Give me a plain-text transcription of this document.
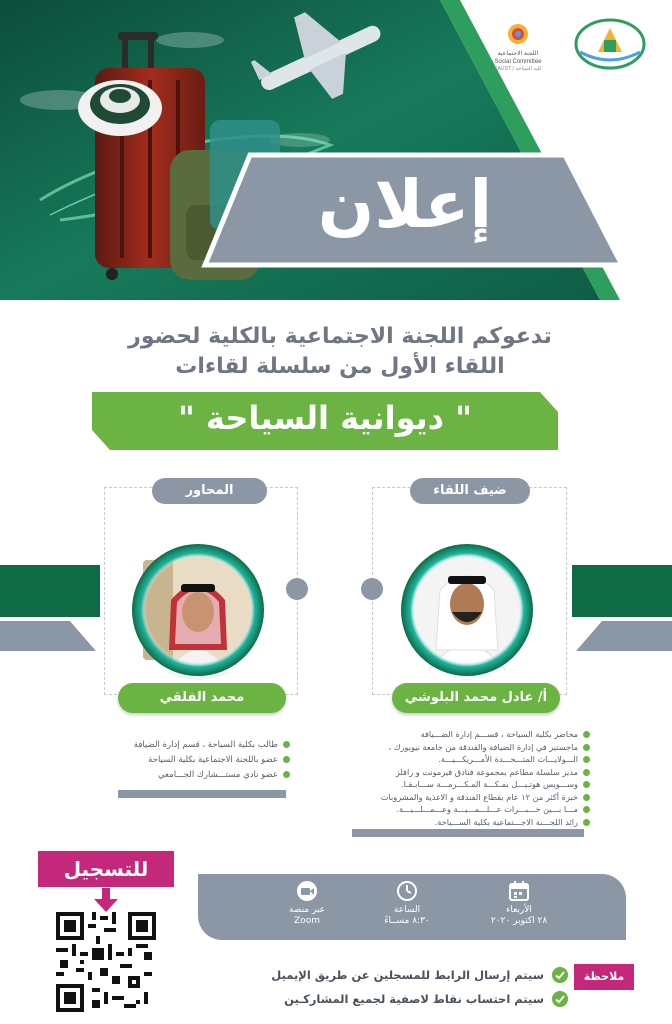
اللجنة الاجتماعية
Social Committee
كلية السياحة / KAUST
إعلان
تدعوكم اللجنة الاجتماعية بالكلية لحضور
اللقاء الأول من سلسلة لقاءات
" ديوانية السياحة "
المحاور	ضيف اللقاء
محمد الفلقي	أ/ عادل محمد البلوشي
طالب بكلية السياحة ، قسم إدارة الضيافة
عضو باللجنة الاجتماعية بكلية السياحة
عضو نادي مستـــشارك الجـــامعي
محاضر بكلية السياحة ، قســـم إدارة الضـــيافة
ماجستير في إدارة الضيافة والفندقة من جامعة نيويورك ،
الـــولايـــات المتـــحـــدة الأمـــريكـــيـــة.
مدير سلسلة مطاعم بمجموعة فنادق فيرمونت و رافلز
وســـويس هوتـيـــل بمـكـــة المـكـــرمـــة ســـابـقـا.
خبرة أكثر من ١٢ عام بقطاع الفندقة و الاغذية والمشروبات
مـــا بـــين خـــبـــرات عـــلـــمـــيـــة وعـــمـــلـــيـــة.
رائد اللجـــنة الاجـــتماعية بكلية الســـياحة.
للتسجيل
الأربعاء
٢٨ اكتوبر ٢٠٢٠
الساعة
٨:٣٠ مســاءً
عبر منصة
Zoom
ملاحظة
سيتم إرسال الرابط للمسجلين عن طريق الإيميل
سيتم احتساب نقاط لاصفية لجميع المشاركـين
